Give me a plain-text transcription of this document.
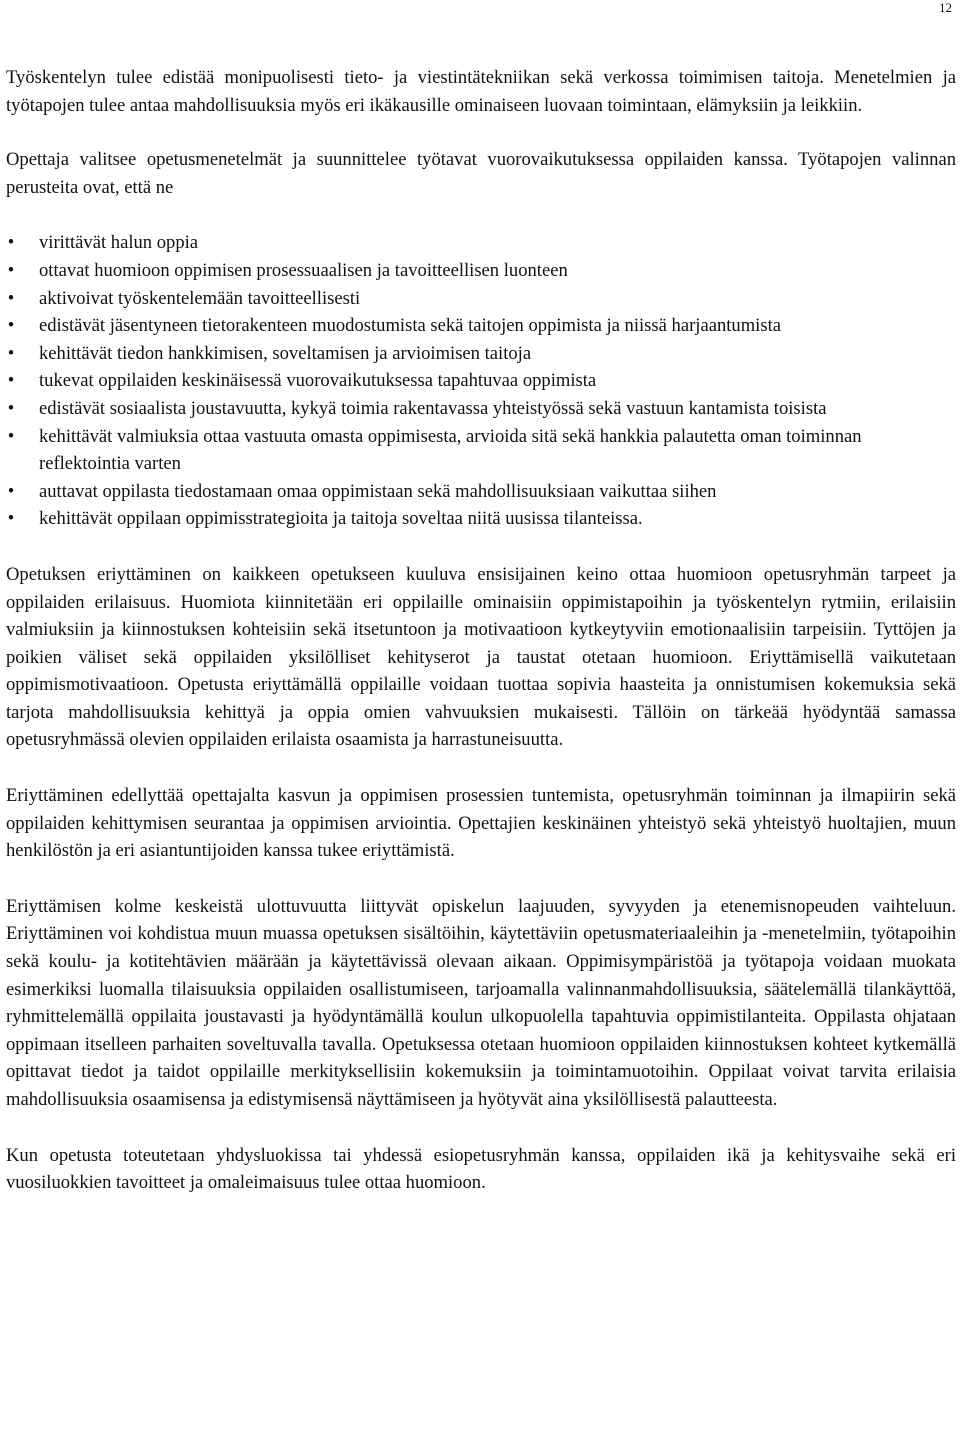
12

Työskentelyn tulee edistää monipuolisesti tieto- ja viestintätekniikan sekä verkossa toimimisen taitoja. Menetelmien ja työtapojen tulee antaa mahdollisuuksia myös eri ikäkausille ominaiseen luovaan toimintaan, elämyksiin ja leikkiin.

Opettaja valitsee opetusmenetelmät ja suunnittelee työtavat vuorovaikutuksessa oppilaiden kanssa. Työtapojen valinnan perusteita ovat, että ne

• virittävät halun oppia
• ottavat huomioon oppimisen prosessuaalisen ja tavoitteellisen luonteen
• aktivoivat työskentelemään tavoitteellisesti
• edistävät jäsentyneen tietorakenteen muodostumista sekä taitojen oppimista ja niissä harjaantumista
• kehittävät tiedon hankkimisen, soveltamisen ja arvioimisen taitoja
• tukevat oppilaiden keskinäisessä vuorovaikutuksessa tapahtuvaa oppimista
• edistävät sosiaalista joustavuutta, kykyä toimia rakentavassa yhteistyössä sekä vastuun kantamista toisista
• kehittävät valmiuksia ottaa vastuuta omasta oppimisesta, arvioida sitä sekä hankkia palautetta oman toiminnan reflektointia varten
• auttavat oppilasta tiedostamaan omaa oppimistaan sekä mahdollisuuksiaan vaikuttaa siihen
• kehittävät oppilaan oppimisstrategioita ja taitoja soveltaa niitä uusissa tilanteissa.

Opetuksen eriyttäminen on kaikkeen opetukseen kuuluva ensisijainen keino ottaa huomioon opetusryhmän tarpeet ja oppilaiden erilaisuus. Huomiota kiinnitetään eri oppilaille ominaisiin oppimistapoihin ja työskentelyn rytmiin, erilaisiin valmiuksiin ja kiinnostuksen kohteisiin sekä itsetuntoon ja motivaatioon kytkeytyviin emotionaalisiin tarpeisiin. Tyttöjen ja poikien väliset sekä oppilaiden yksilölliset kehityserot ja taustat otetaan huomioon. Eriyttämisellä vaikutetaan oppimismotivaatioon. Opetusta eriyttämällä oppilaille voidaan tuottaa sopivia haasteita ja onnistumisen kokemuksia sekä tarjota mahdollisuuksia kehittyä ja oppia omien vahvuuksien mukaisesti. Tällöin on tärkeää hyödyntää samassa opetusryhmässä olevien oppilaiden erilaista osaamista ja harrastuneisuutta.

Eriyttäminen edellyttää opettajalta kasvun ja oppimisen prosessien tuntemista, opetusryhmän toiminnan ja ilmapiirin sekä oppilaiden kehittymisen seurantaa ja oppimisen arviointia. Opettajien keskinäinen yhteistyö sekä yhteistyö huoltajien, muun henkilöstön ja eri asiantuntijoiden kanssa tukee eriyttämistä.

Eriyttämisen kolme keskeistä ulottuvuutta liittyvät opiskelun laajuuden, syvyyden ja etenemisnopeuden vaihteluun. Eriyttäminen voi kohdistua muun muassa opetuksen sisältöihin, käytettäviin opetusmateriaaleihin ja -menetelmiin, työtapoihin sekä koulu- ja kotitehtävien määrään ja käytettävissä olevaan aikaan. Oppimisympäristöä ja työtapoja voidaan muokata esimerkiksi luomalla tilaisuuksia oppilaiden osallistumiseen, tarjoamalla valinnanmahdollisuuksia, säätelemällä tilankäyttöä, ryhmittelemällä oppilaita joustavasti ja hyödyntämällä koulun ulkopuolella tapahtuvia oppimistilanteita. Oppilasta ohjataan oppimaan itselleen parhaiten soveltuvalla tavalla. Opetuksessa otetaan huomioon oppilaiden kiinnostuksen kohteet kytkemällä opittavat tiedot ja taidot oppilaille merkityksellisiin kokemuksiin ja toimintamuotoihin. Oppilaat voivat tarvita erilaisia mahdollisuuksia osaamisensa ja edistymisensä näyttämiseen ja hyötyvät aina yksilöllisestä palautteesta.

Kun opetusta toteutetaan yhdysluokissa tai yhdessä esiopetusryhmän kanssa, oppilaiden ikä ja kehitysvaihe sekä eri vuosiluokkien tavoitteet ja omaleimaisuus tulee ottaa huomioon.
